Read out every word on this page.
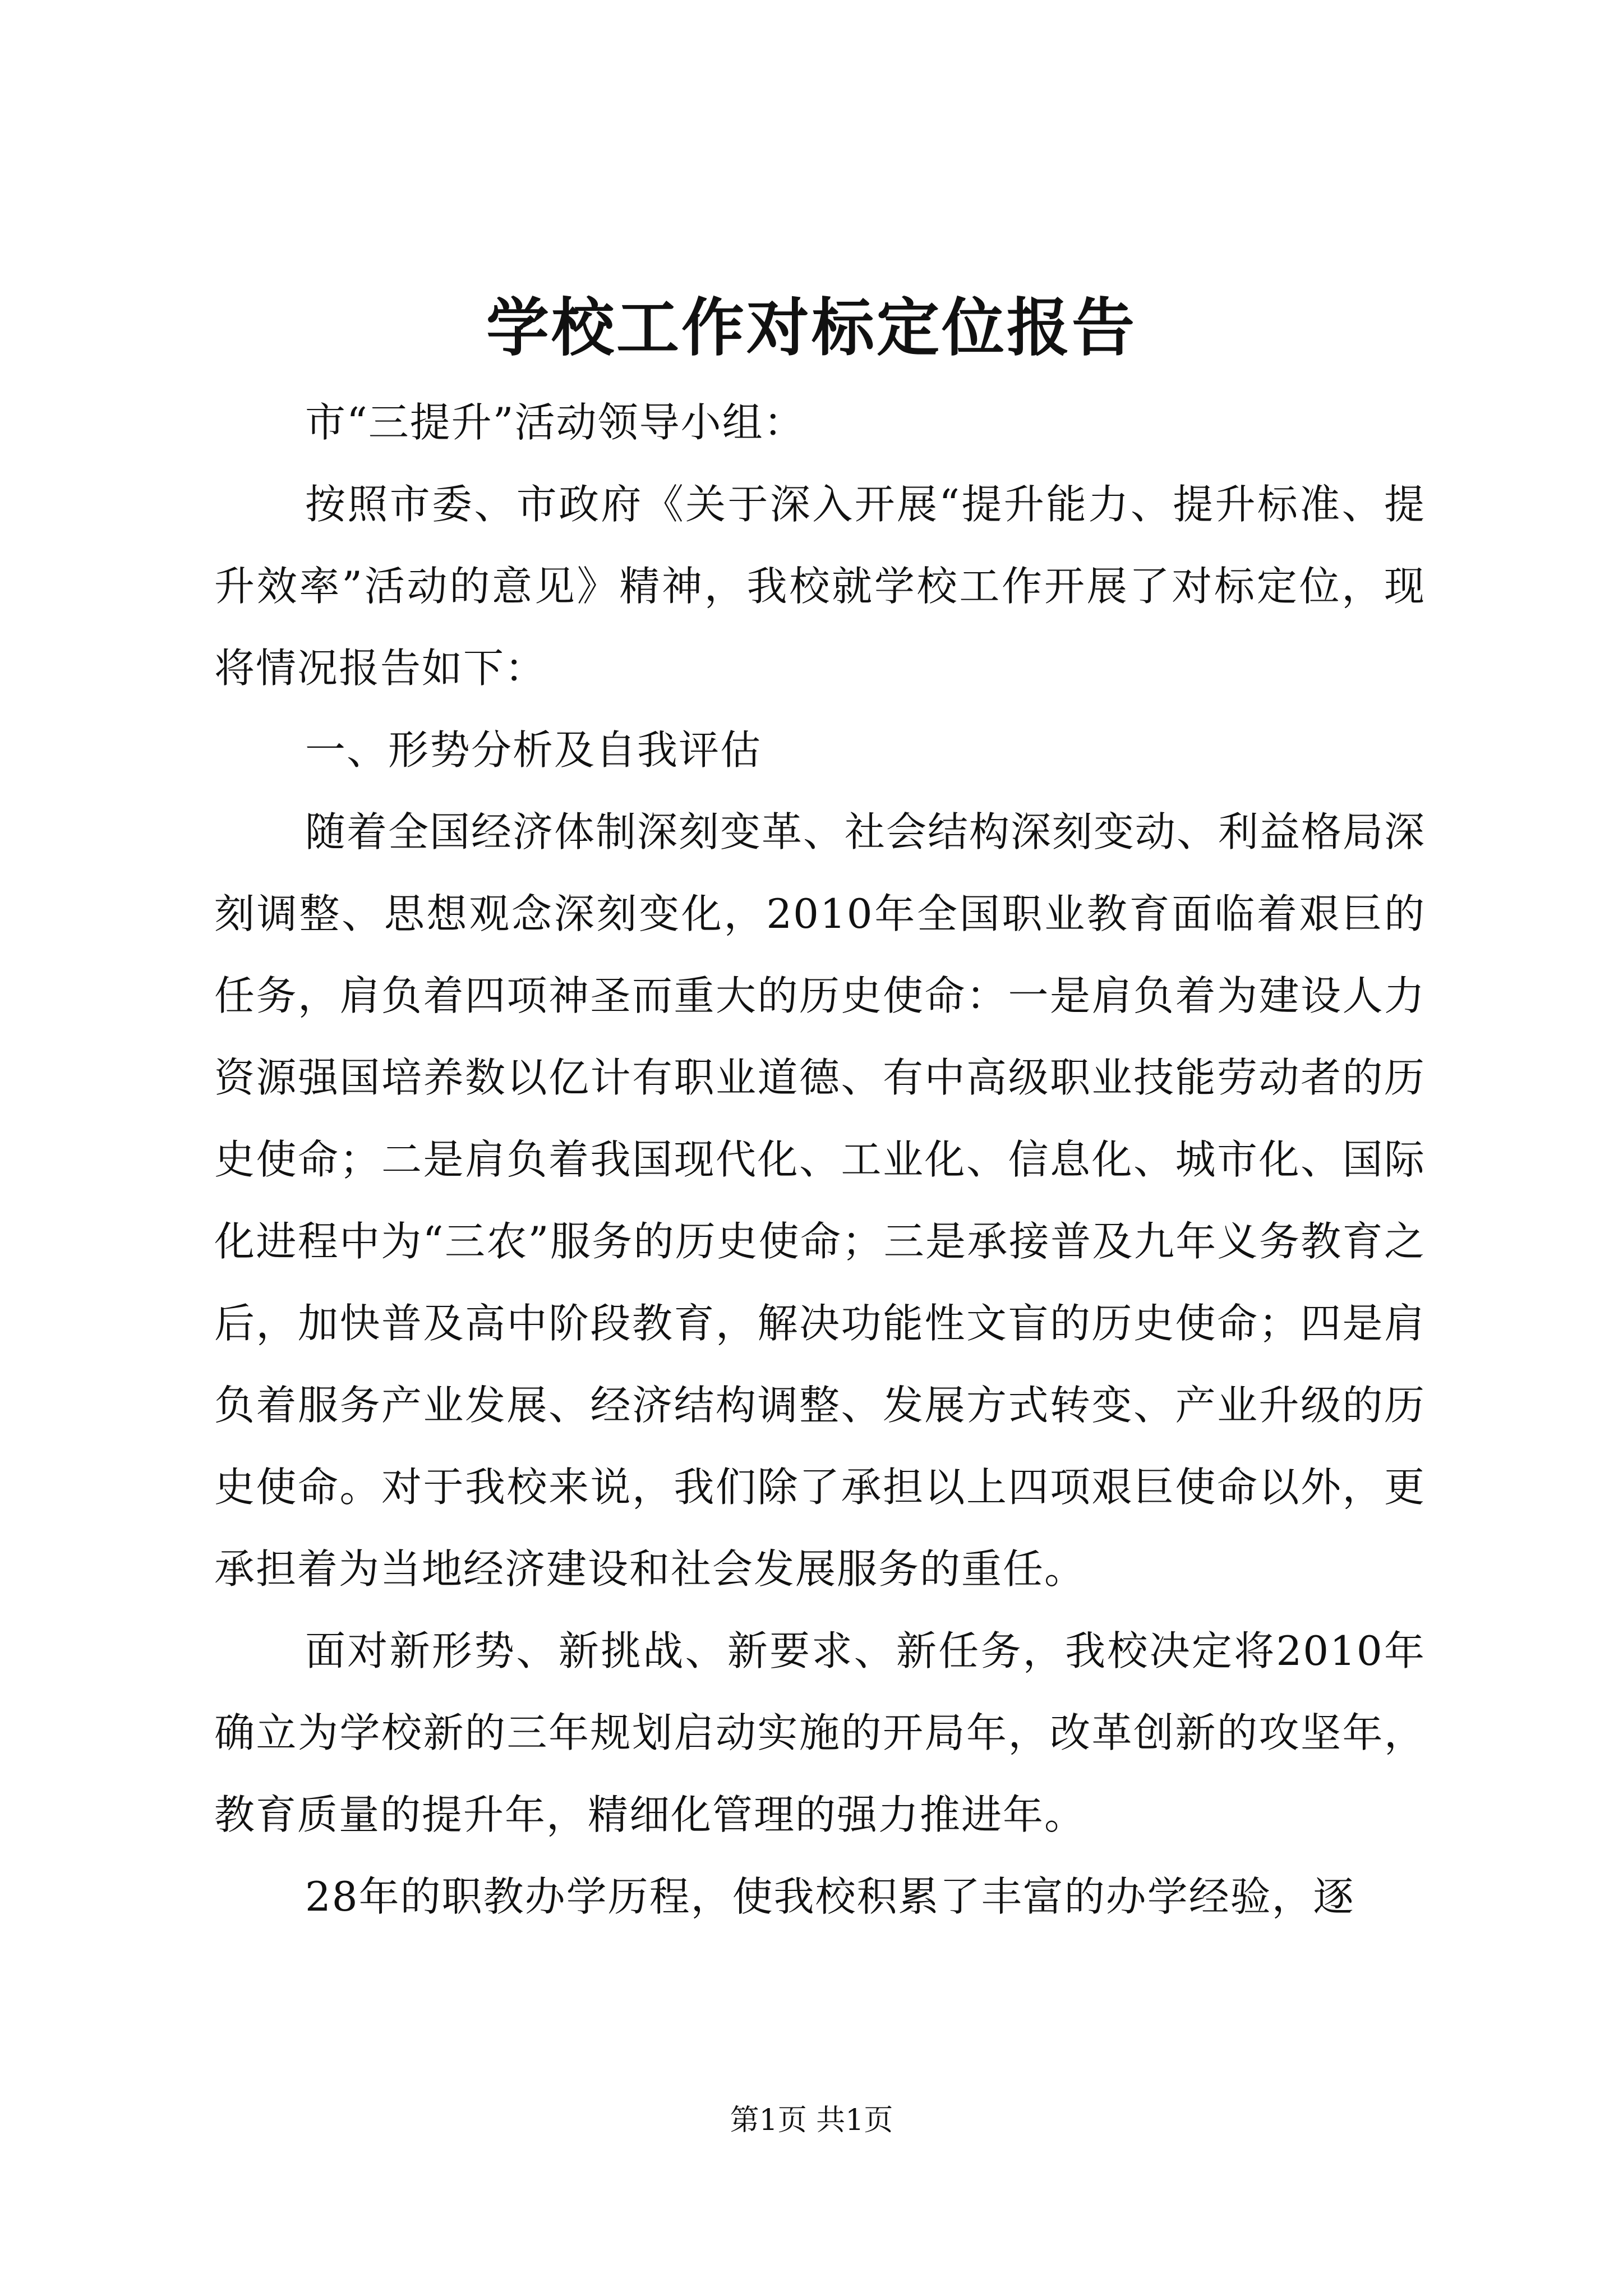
学校工作对标定位报告

市“三提升”活动领导小组：

按照市委、市政府《关于深入开展“提升能力、提升标准、提升效率”活动的意见》精神，我校就学校工作开展了对标定位，现将情况报告如下：

一、形势分析及自我评估

随着全国经济体制深刻变革、社会结构深刻变动、利益格局深刻调整、思想观念深刻变化，2010年全国职业教育面临着艰巨的任务，肩负着四项神圣而重大的历史使命：一是肩负着为建设人力资源强国培养数以亿计有职业道德、有中高级职业技能劳动者的历史使命；二是肩负着我国现代化、工业化、信息化、城市化、国际化进程中为“三农”服务的历史使命；三是承接普及九年义务教育之后，加快普及高中阶段教育，解决功能性文盲的历史使命；四是肩负着服务产业发展、经济结构调整、发展方式转变、产业升级的历史使命。对于我校来说，我们除了承担以上四项艰巨使命以外，更承担着为当地经济建设和社会发展服务的重任。

面对新形势、新挑战、新要求、新任务，我校决定将2010年确立为学校新的三年规划启动实施的开局年，改革创新的攻坚年，教育质量的提升年，精细化管理的强力推进年。

28年的职教办学历程，使我校积累了丰富的办学经验，逐

第1页 共1页
